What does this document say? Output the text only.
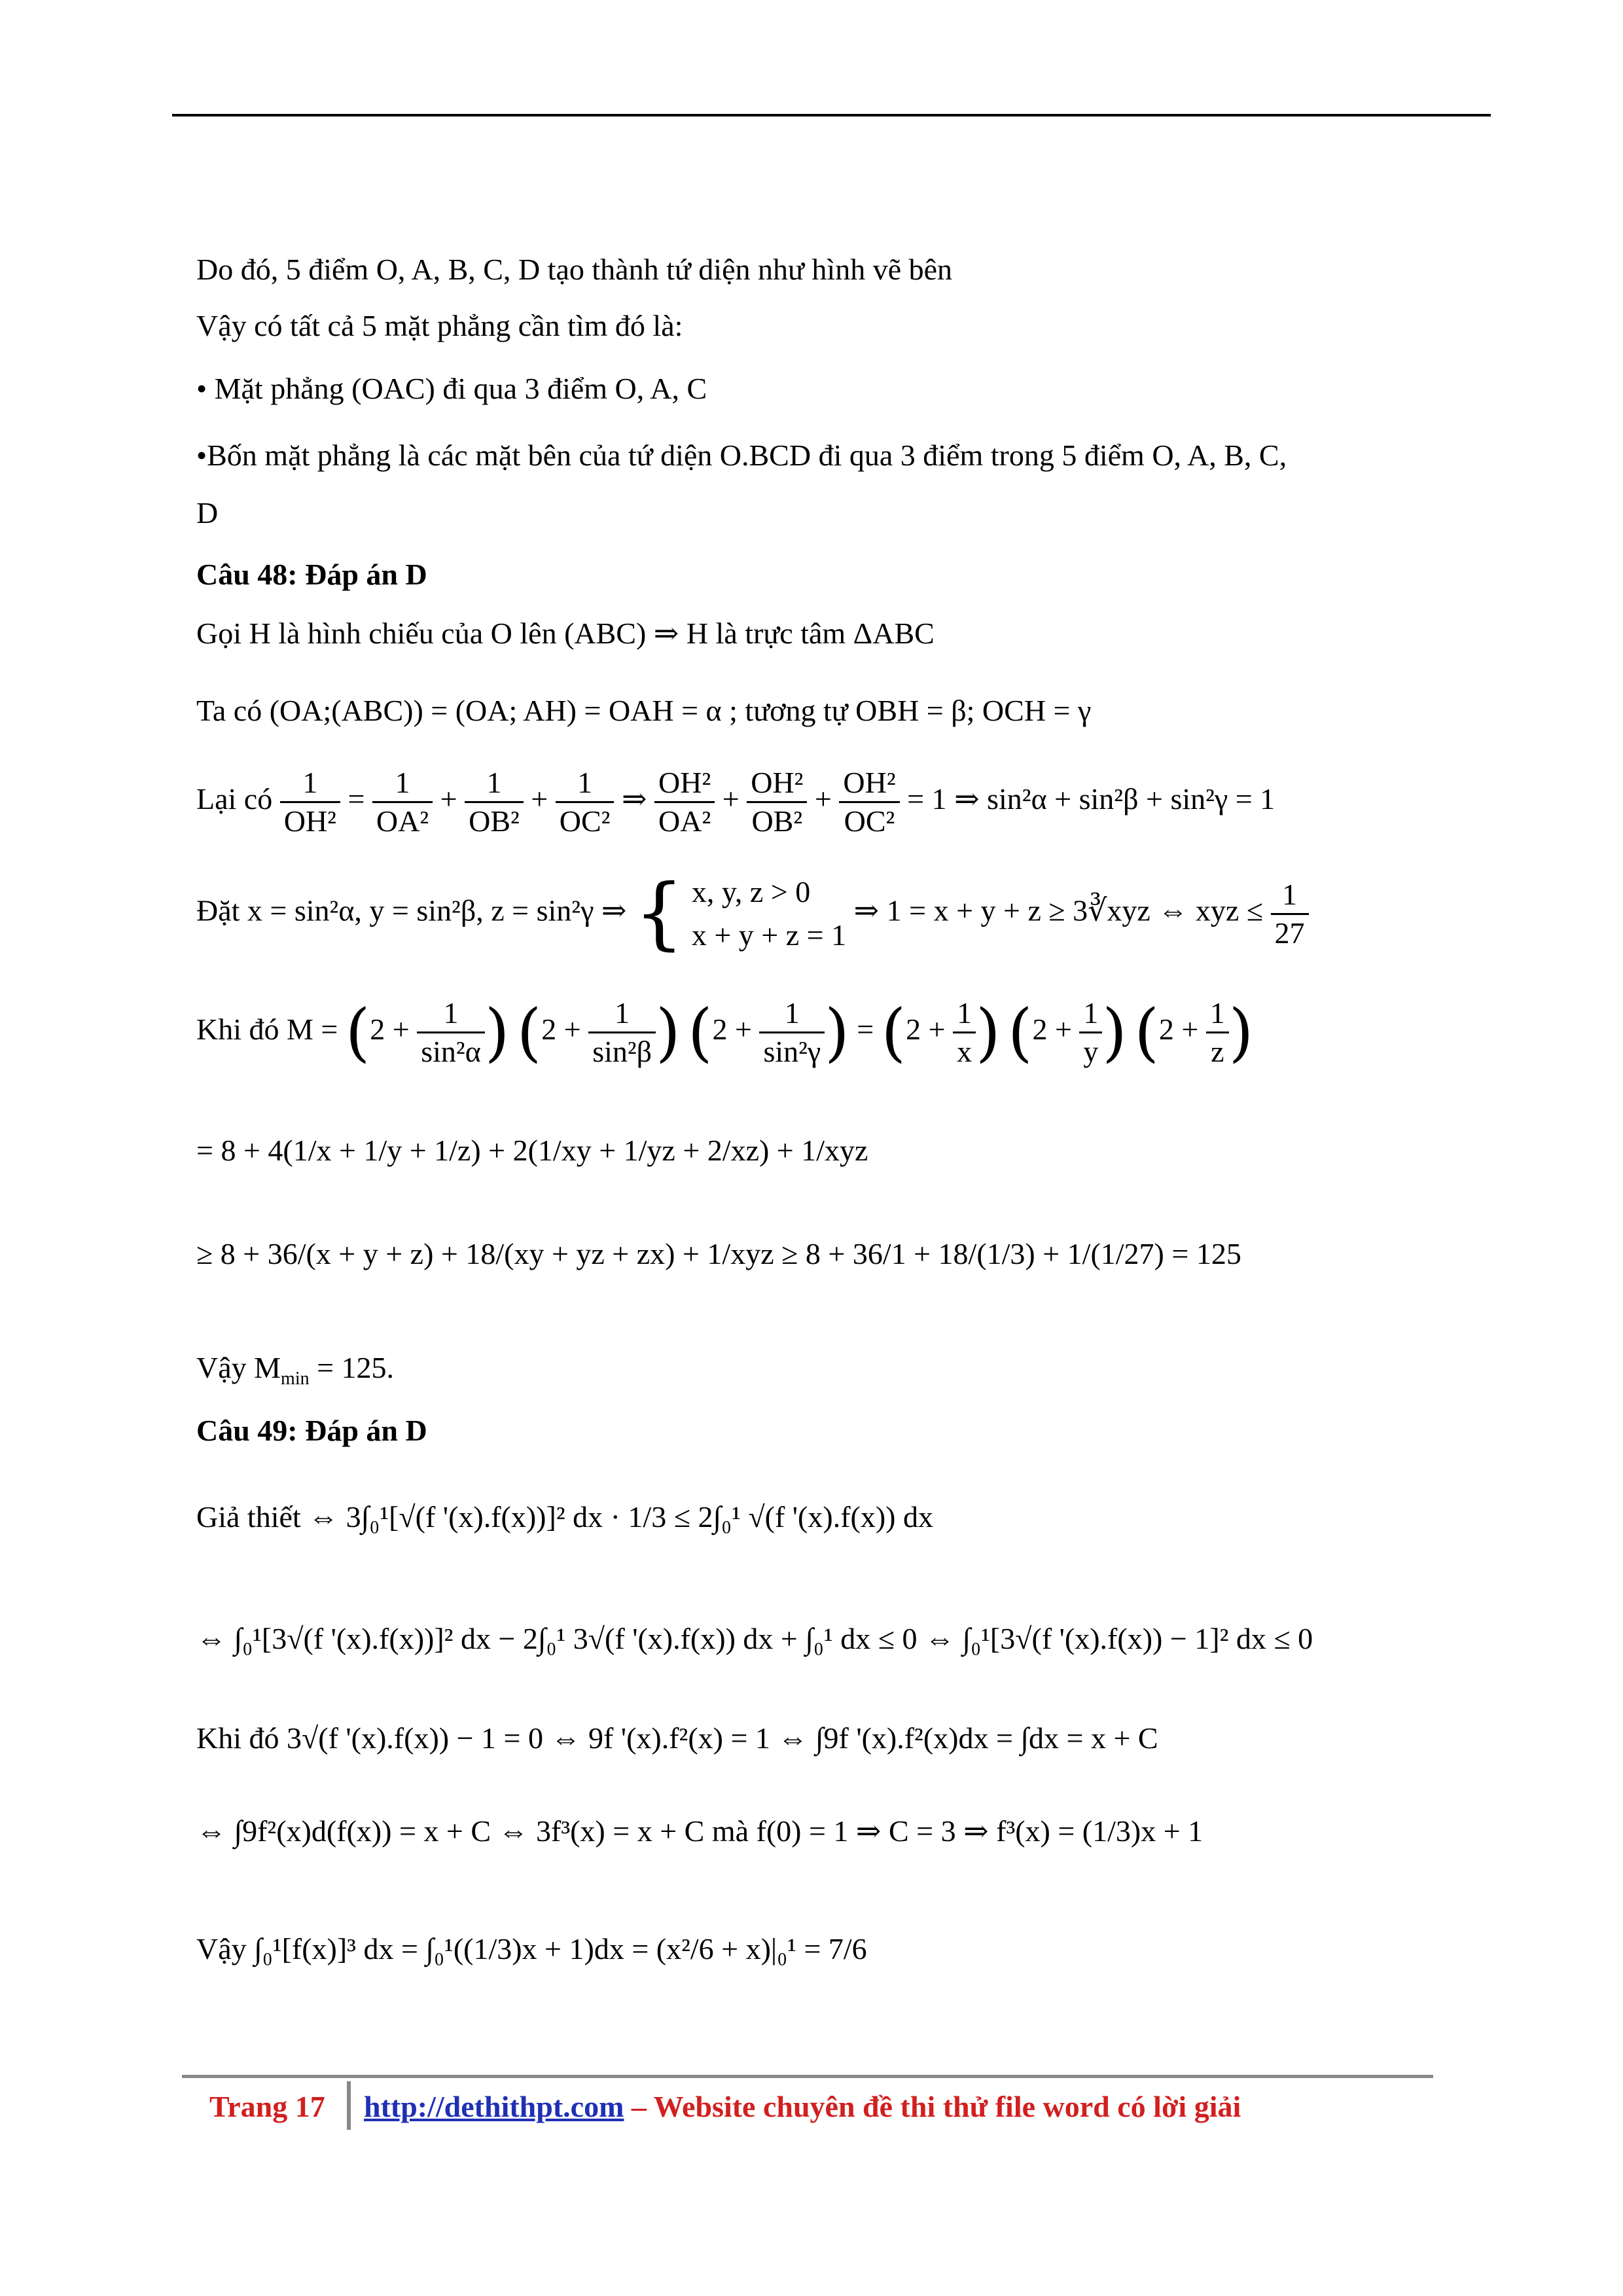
Do đó, 5 điểm O, A, B, C, D tạo thành tứ diện như hình vẽ bên
Vậy có tất cả 5 mặt phẳng cần tìm đó là:
• Mặt phẳng (OAC) đi qua 3 điểm O, A, C
•Bốn mặt phẳng là các mặt bên của tứ diện O.BCD đi qua 3 điểm trong 5 điểm O, A, B, C,
D
Câu 48: Đáp án D
Gọi H là hình chiếu của O lên (ABC) ⇒ H là trực tâm ΔABC
Ta có (OA;(ABC)) = (OA; AH) = OAH = α ; tương tự OBH = β; OCH = γ
Lại có $\frac{1}{\text{OH²}} = \frac{1}{\text{OA²}} + \frac{1}{\text{OB²}} + \frac{1}{\text{OC²}}$ ⇒ $\frac{\text{OH²}}{\text{OA²}} + \frac{\text{OH²}}{\text{OB²}} + \frac{\text{OH²}}{\text{OC²}} = 1$ ⇒ sin²α + sin²β + sin²γ = 1
Đặt x = sin²α, y = sin²β, z = sin²γ ⇒ { x, y, z > 0
x + y + z = 1
⇒ 1 = x + y + z ≥ 3∛xyz ⇔ xyz ≤ $\frac{1}{27}$
Khi đó $M = (2 + \frac{1}{\text{sin²α}}$ ) ($2 + \frac{1}{\text{sin²β}}$ ) ($2 + \frac{1}{\text{sin²γ}}$ ) = ($2 + \frac{1}{x}$ ) ($2 + \frac{1}{y}$ ) ($2 + \frac{1}{z}$ )
= 8 + 4(1/x + 1/y + 1/z) + 2(1/xy + 1/yz + 2/xz) + 1/xyz
≥ 8 + 36/(x + y + z) + 18/(xy + yz + zx) + 1/xyz ≥ 8 + 36/1 + 18/(1/3) + 1/(1/27) = 125
Vậy $M_{min} = 125$.
Câu 49: Đáp án D
Giả thiết ⇔ 3∫₀¹[√(f '(x).f(x))]² dx · 1/3 ≤ 2∫₀¹ √(f '(x).f(x)) dx
⇔ ∫₀¹[3√(f '(x).f(x))]² dx − 2∫₀¹ 3√(f '(x).f(x)) dx + ∫₀¹ dx ≤ 0 ⇔ ∫₀¹[3√(f '(x).f(x)) − 1]² dx ≤ 0
Khi đó 3√(f '(x).f(x)) − 1 = 0 ⇔ 9f '(x).f²(x) = 1 ⇔ ∫9f '(x).f²(x)dx = ∫dx = x + C
⇔ ∫9f²(x)d(f(x)) = x + C ⇔ 3f³(x) = x + C mà f(0) = 1 ⇒ C = 3 ⇒ f³(x) = (1/3)x + 1
Vậy ∫₀¹[f(x)]³ dx = ∫₀¹((1/3)x + 1)dx = (x²/6 + x)|₀¹ = 7/6
Trang 17 http://dethithpt.com – Website chuyên đề thi thử file word có lời giải
